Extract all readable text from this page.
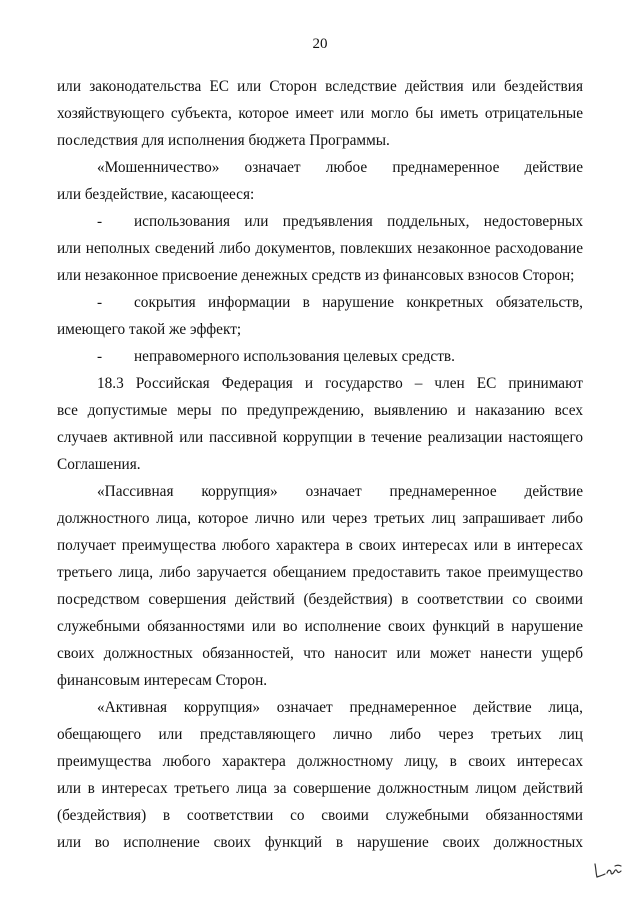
20
или законодательства ЕС или Сторон вследствие действия или бездействия
хозяйствующего субъекта, которое имеет или могло бы иметь отрицательные
последствия для исполнения бюджета Программы.
«Мошенничество» означает любое преднамеренное действие
или бездействие, касающееся:
- использования или предъявления поддельных, недостоверных
или неполных сведений либо документов, повлекших незаконное расходование
или незаконное присвоение денежных средств из финансовых взносов Сторон;
- сокрытия информации в нарушение конкретных обязательств,
имеющего такой же эффект;
- неправомерного использования целевых средств.
18.3 Российская Федерация и государство – член ЕС принимают
все допустимые меры по предупреждению, выявлению и наказанию всех
случаев активной или пассивной коррупции в течение реализации настоящего
Соглашения.
«Пассивная коррупция» означает преднамеренное действие
должностного лица, которое лично или через третьих лиц запрашивает либо
получает преимущества любого характера в своих интересах или в интересах
третьего лица, либо заручается обещанием предоставить такое преимущество
посредством совершения действий (бездействия) в соответствии со своими
служебными обязанностями или во исполнение своих функций в нарушение
своих должностных обязанностей, что наносит или может нанести ущерб
финансовым интересам Сторон.
«Активная коррупция» означает преднамеренное действие лица,
обещающего или представляющего лично либо через третьих лиц
преимущества любого характера должностному лицу, в своих интересах
или в интересах третьего лица за совершение должностным лицом действий
(бездействия) в соответствии со своими служебными обязанностями
или во исполнение своих функций в нарушение своих должностных
